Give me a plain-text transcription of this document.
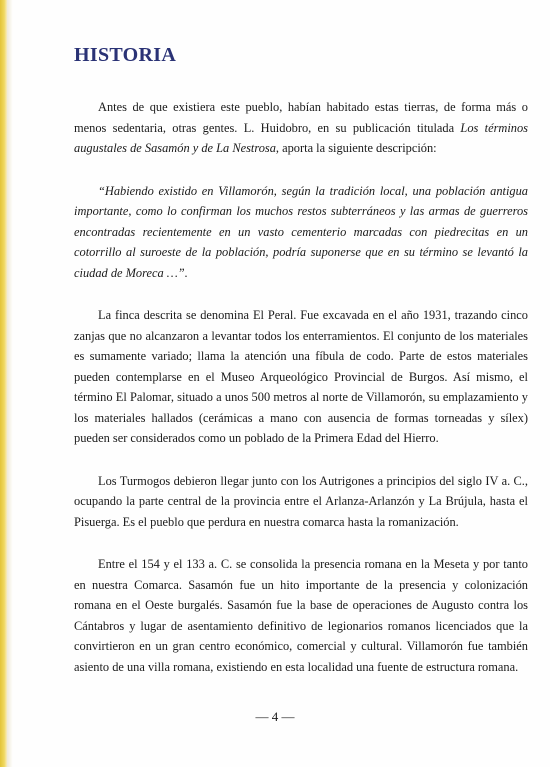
HISTORIA

Antes de que existiera este pueblo, habían habitado estas tierras, de forma más o menos sedentaria, otras gentes. L. Huidobro, en su publicación titulada Los términos augustales de Sasamón y de La Nestrosa, aporta la siguiente descripción:

“Habiendo existido en Villamorón, según la tradición local, una población antigua importante, como lo confirman los muchos restos subterráneos y las armas de guerreros encontradas recientemente en un vasto cementerio marcadas con piedrecitas en un cotorrillo al suroeste de la población, podría suponerse que en su término se levantó la ciudad de Moreca …”.

La finca descrita se denomina El Peral. Fue excavada en el año 1931, trazando cinco zanjas que no alcanzaron a levantar todos los enterramientos. El conjunto de los materiales es sumamente variado; llama la atención una fíbula de codo. Parte de estos materiales pueden contemplarse en el Museo Arqueológico Provincial de Burgos. Así mismo, el término El Palomar, situado a unos 500 metros al norte de Villamorón, su emplazamiento y los materiales hallados (cerámicas a mano con ausencia de formas torneadas y sílex) pueden ser considerados como un poblado de la Primera Edad del Hierro.

Los Turmogos debieron llegar junto con los Autrigones a principios del siglo IV a. C., ocupando la parte central de la provincia entre el Arlanza-Arlanzón y La Brújula, hasta el Pisuerga. Es el pueblo que perdura en nuestra comarca hasta la romanización.

Entre el 154 y el 133 a. C. se consolida la presencia romana en la Meseta y por tanto en nuestra Comarca. Sasamón fue un hito importante de la presencia y colonización romana en el Oeste burgalés. Sasamón fue la base de operaciones de Augusto contra los Cántabros y lugar de asentamiento definitivo de legionarios romanos licenciados que la convirtieron en un gran centro económico, comercial y cultural. Villamorón fue también asiento de una villa romana, existiendo en esta localidad una fuente de estructura romana.

— 4 —
